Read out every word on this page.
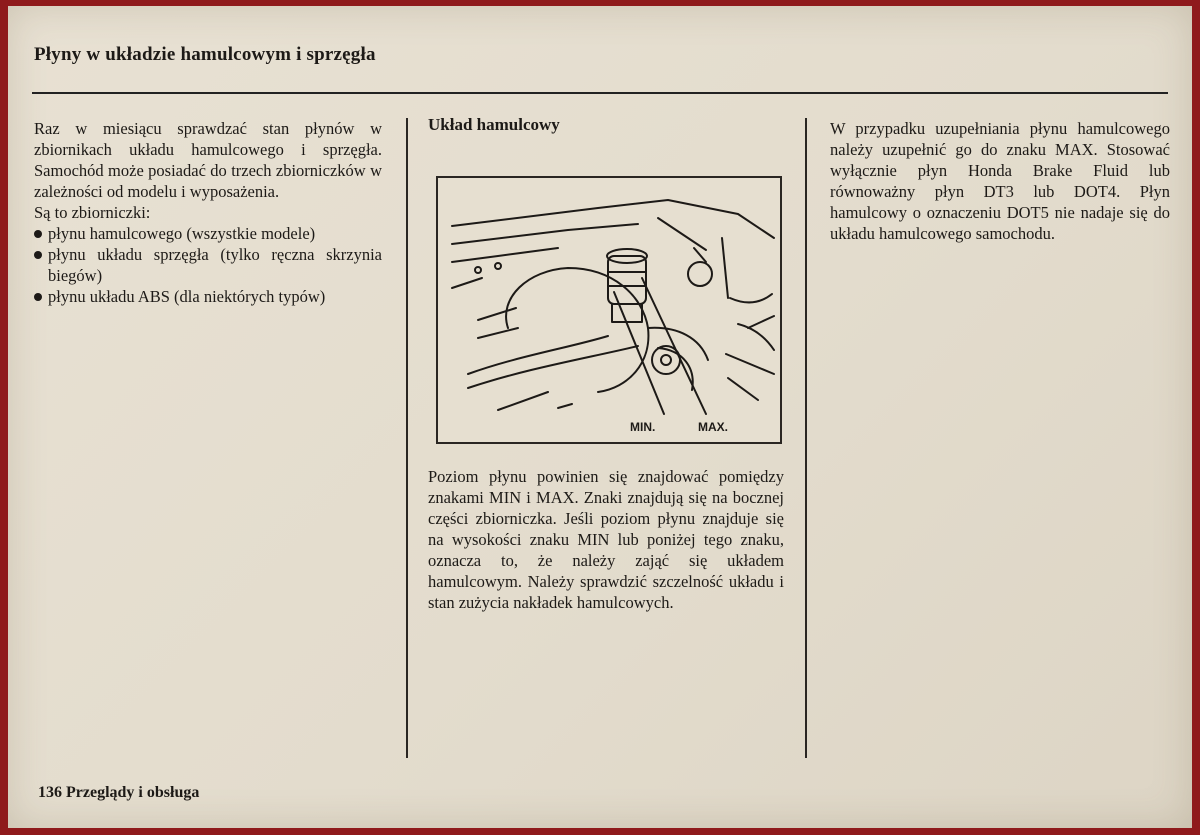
Płyny w układzie hamulcowym i sprzęgła

Raz w miesiącu sprawdzać stan płynów w zbiornikach układu hamulcowego i sprzęgła. Samochód może posiadać do trzech zbiorniczków w zależności od modelu i wyposażenia.

Są to zbiorniczki:

płynu hamulcowego (wszystkie modele)
płynu układu sprzęgła (tylko ręczna skrzynia biegów)
płynu układu ABS (dla niektórych typów)

Układ hamulcowy

MIN.	MAX.

Poziom płynu powinien się znajdować pomiędzy znakami MIN i MAX. Znaki znajdują się na bocznej części zbiorniczka. Jeśli poziom płynu znajduje się na wysokości znaku MIN lub poniżej tego znaku, oznacza to, że należy zająć się układem hamulcowym. Należy sprawdzić szczelność układu i stan zużycia nakładek hamulcowych.

W przypadku uzupełniania płynu hamulcowego należy uzupełnić go do znaku MAX. Stosować wyłącznie płyn Honda Brake Fluid lub równoważny płyn DT3 lub DOT4. Płyn hamulcowy o oznaczeniu DOT5 nie nadaje się do układu hamulcowego samochodu.

136 Przeglądy i obsługa
